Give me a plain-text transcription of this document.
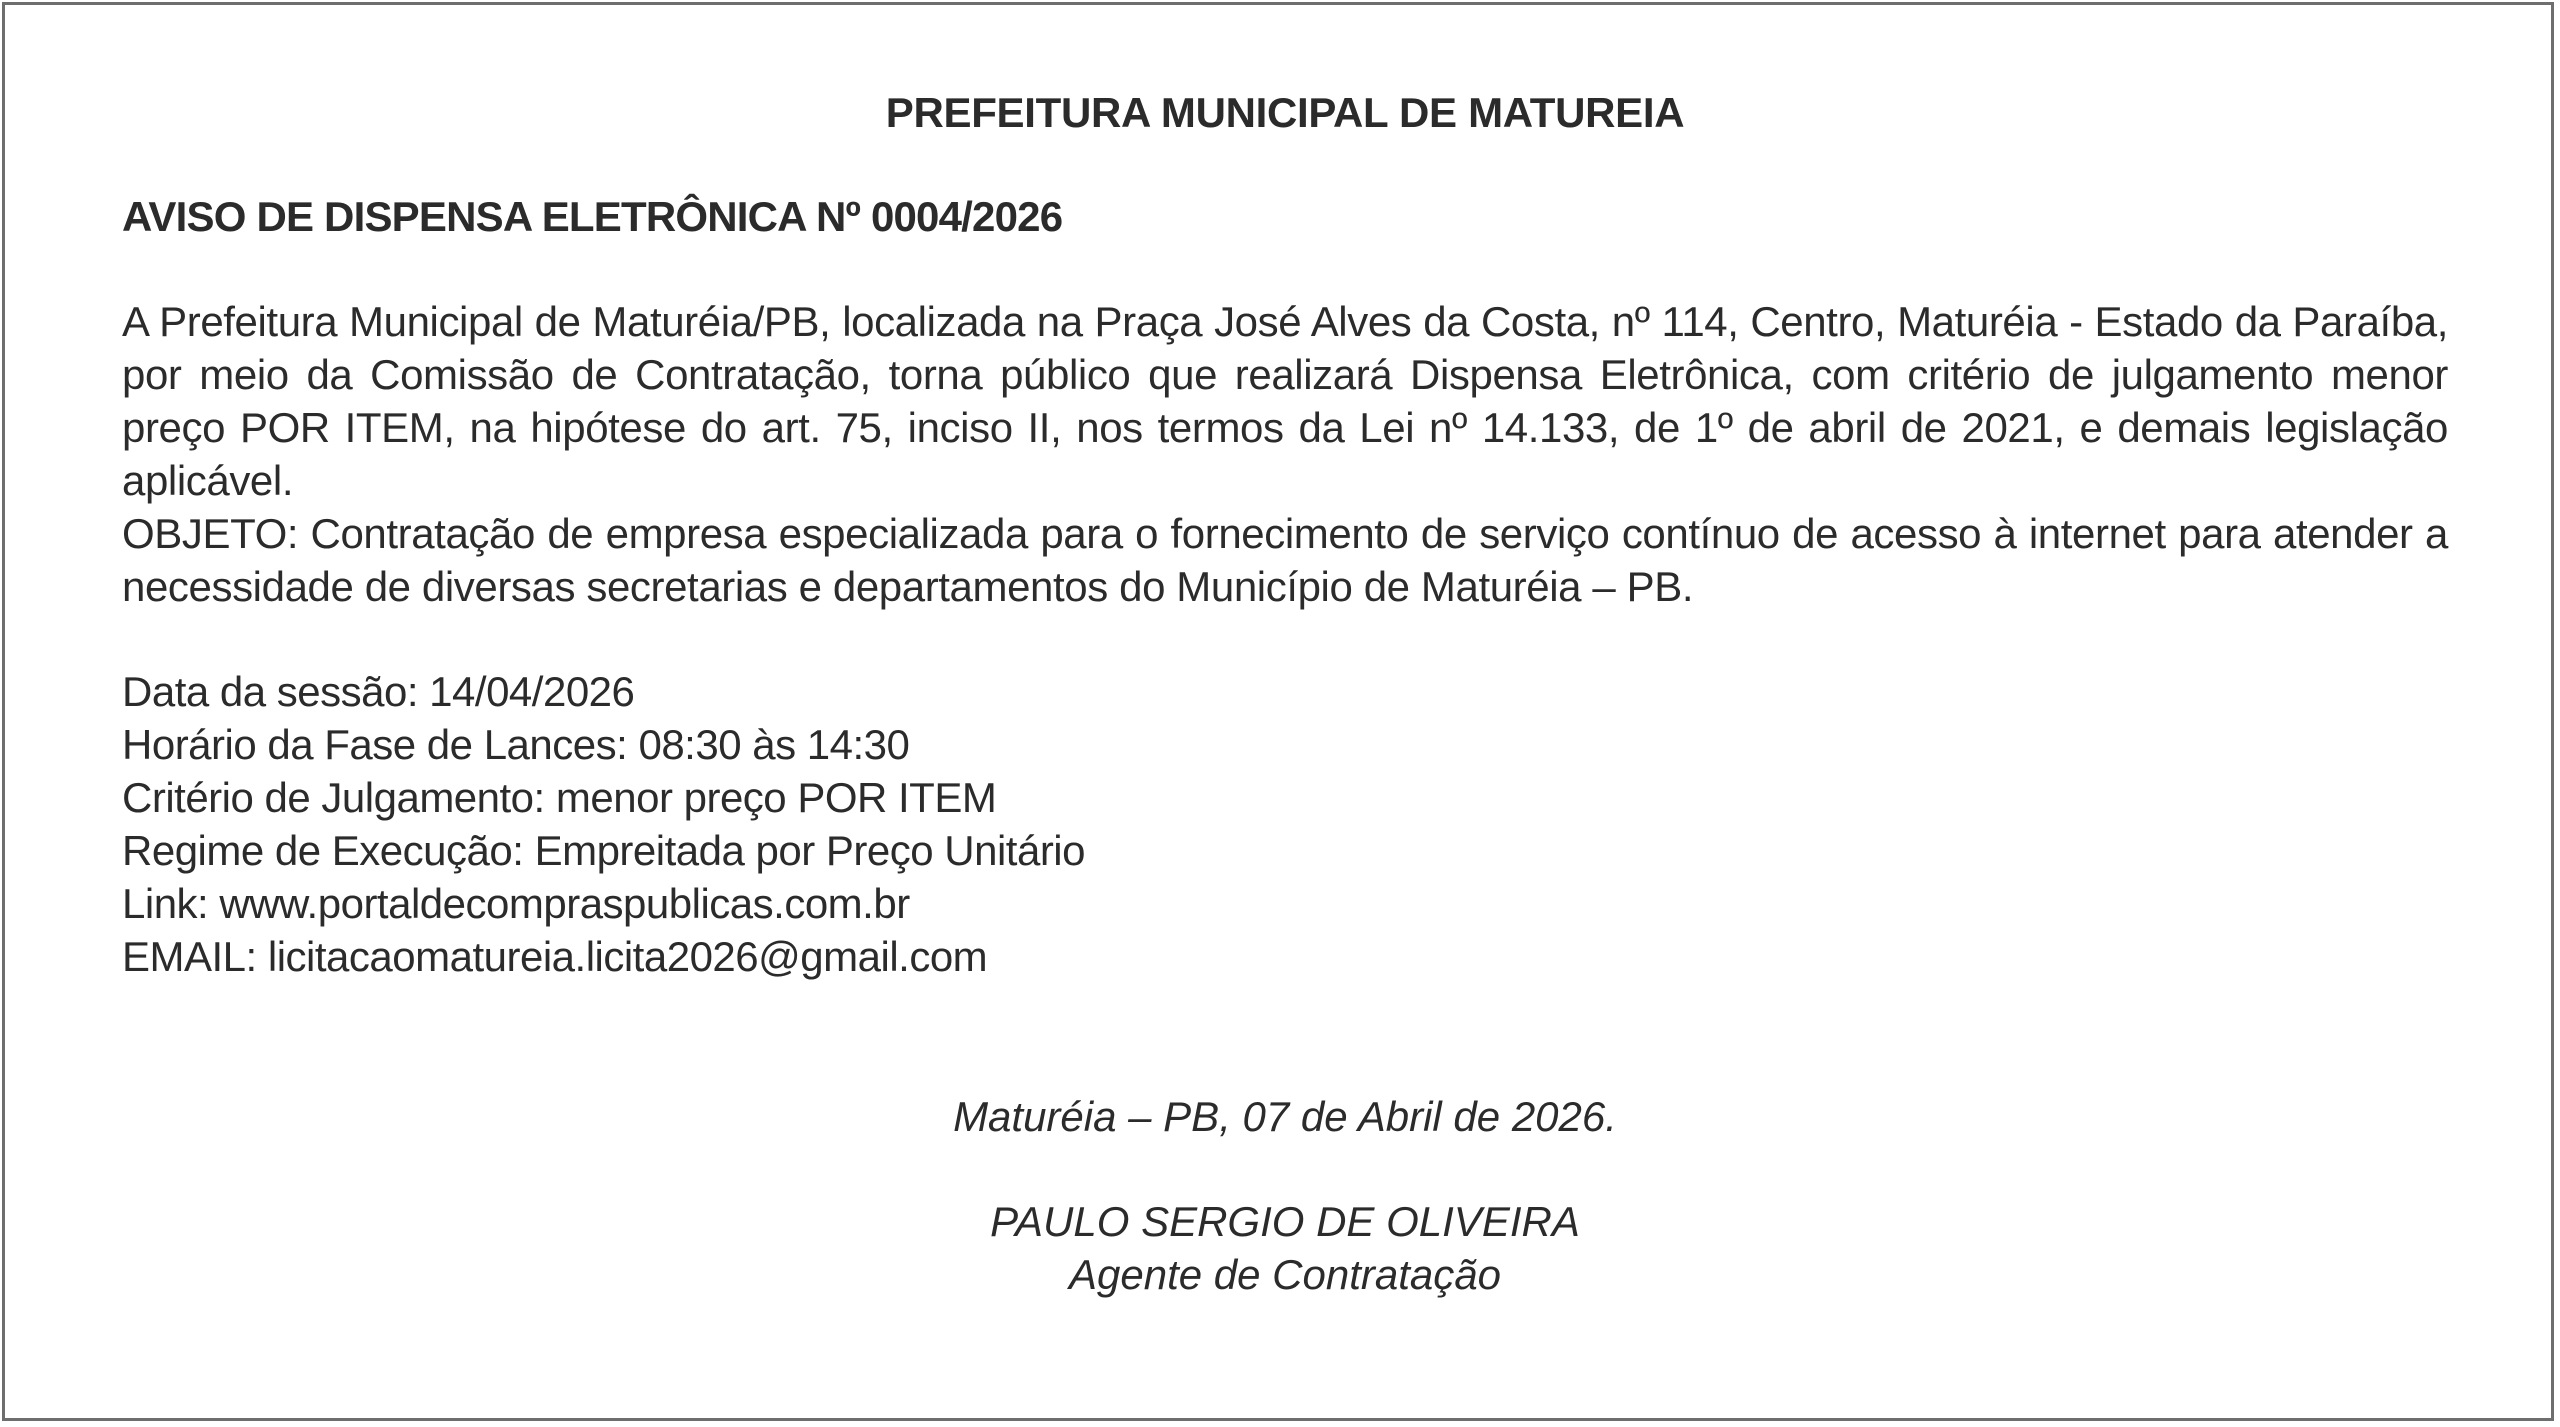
PREFEITURA MUNICIPAL DE MATUREIA

AVISO DE DISPENSA ELETRÔNICA Nº 0004/2026

A Prefeitura Municipal de Maturéia/PB, localizada na Praça José Alves da Costa, nº 114, Centro, Maturéia - Estado da Paraíba, por meio da Comissão de Contratação, torna público que realizará Dispensa Eletrônica, com critério de julgamento menor preço POR ITEM, na hipótese do art. 75, inciso II, nos termos da Lei nº 14.133, de 1º de abril de 2021, e demais legislação aplicável.

OBJETO: Contratação de empresa especializada para o fornecimento de serviço contínuo de acesso à internet para atender a necessidade de diversas secretarias e departamentos do Município de Maturéia – PB.

Data da sessão: 14/04/2026

Horário da Fase de Lances: 08:30 às 14:30

Critério de Julgamento: menor preço POR ITEM

Regime de Execução: Empreitada por Preço Unitário

Link: www.portaldecompraspublicas.com.br

EMAIL: licitacaomatureia.licita2026@gmail.com

Maturéia – PB, 07 de Abril de 2026.

PAULO SERGIO DE OLIVEIRA

Agente de Contratação
